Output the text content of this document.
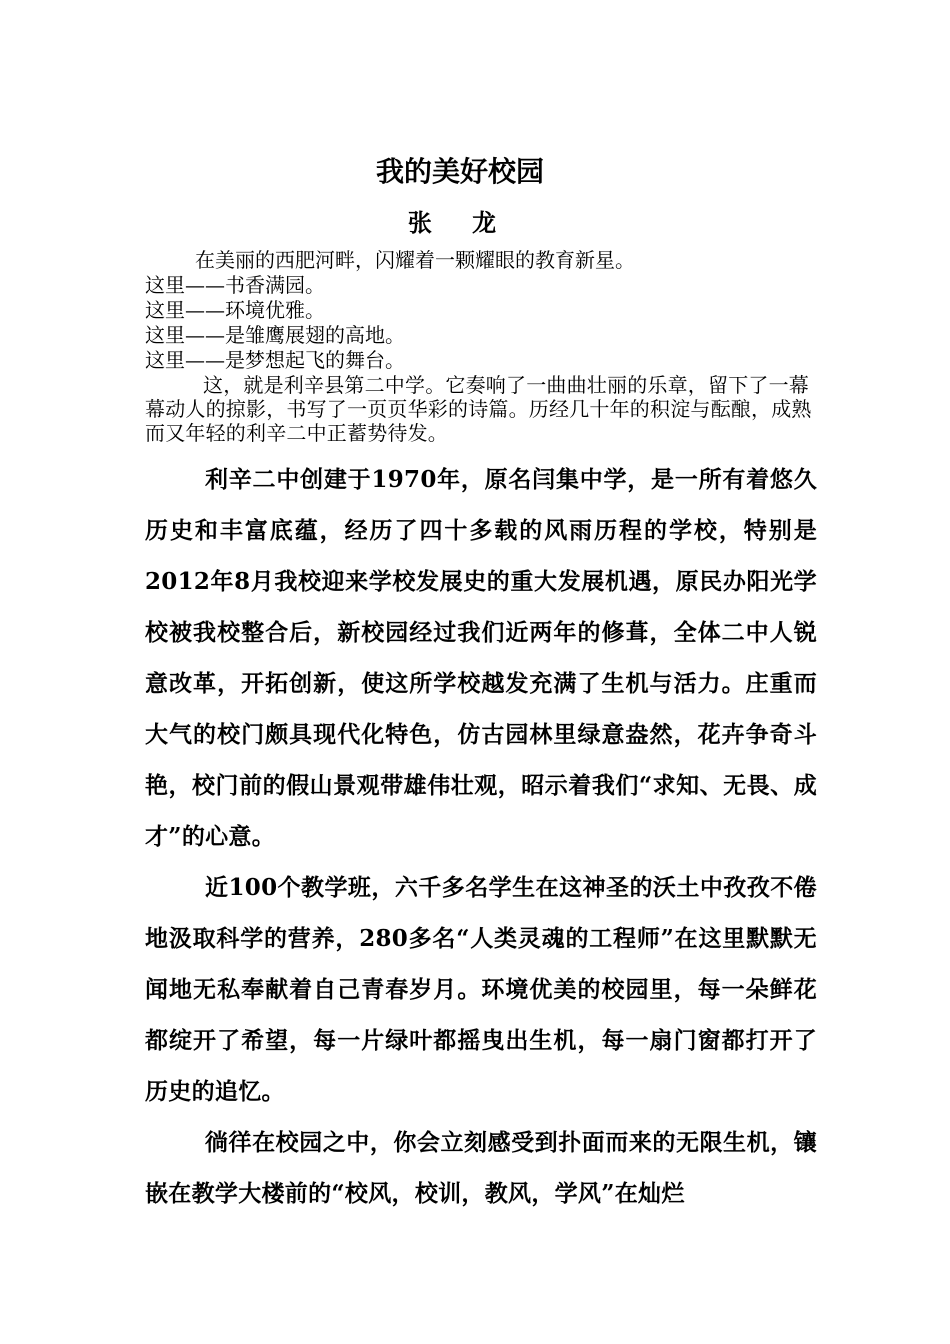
我的美好校园
张 龙

在美丽的西肥河畔，闪耀着一颗耀眼的教育新星。

这里——书香满园。

这里——环境优雅。

这里——是雏鹰展翅的高地。

这里——是梦想起飞的舞台。

这，就是利辛县第二中学。它奏响了一曲曲壮丽的乐章，留下了一幕幕动人的掠影，书写了一页页华彩的诗篇。历经几十年的积淀与酝酿，成熟而又年轻的利辛二中正蓄势待发。

利辛二中创建于1970年，原名闫集中学，是一所有着悠久历史和丰富底蕴，经历了四十多载的风雨历程的学校，特别是2012年8月我校迎来学校发展史的重大发展机遇，原民办阳光学校被我校整合后，新校园经过我们近两年的修葺，全体二中人锐意改革，开拓创新，使这所学校越发充满了生机与活力。庄重而大气的校门颇具现代化特色，仿古园林里绿意盎然，花卉争奇斗艳，校门前的假山景观带雄伟壮观，昭示着我们“求知、无畏、成才”的心意。

近100个教学班，六千多名学生在这神圣的沃土中孜孜不倦地汲取科学的营养，280多名“人类灵魂的工程师”在这里默默无闻地无私奉献着自己青春岁月。环境优美的校园里，每一朵鲜花都绽开了希望，每一片绿叶都摇曳出生机，每一扇门窗都打开了历史的追忆。

徜徉在校园之中，你会立刻感受到扑面而来的无限生机，镶嵌在教学大楼前的“校风，校训，教风，学风”在灿烂
